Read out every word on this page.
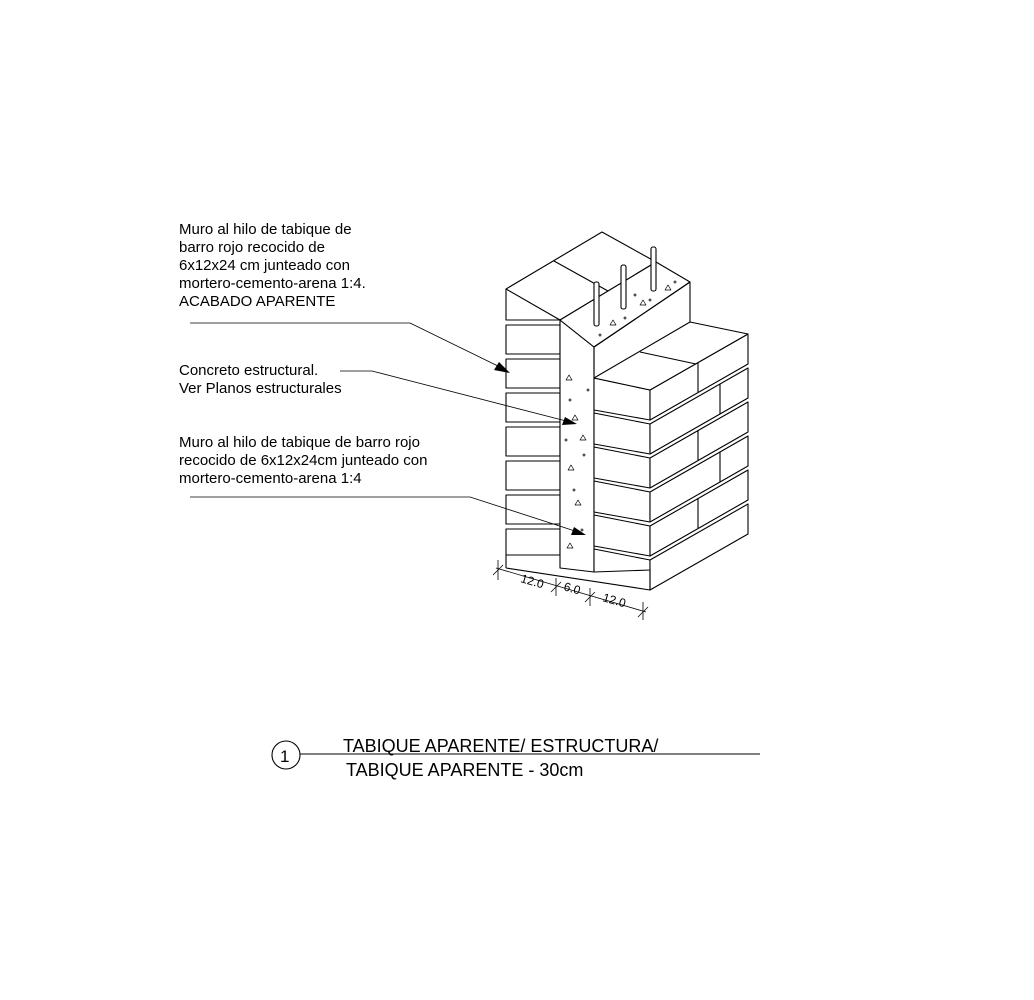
12.0 6.0
12.0
1
Muro al hilo de tabique de
barro rojo recocido de
6x12x24 cm junteado con
mortero-cemento-arena 1:4.
ACABADO APARENTE
Concreto estructural.
Ver Planos estructurales
Muro al hilo de tabique de barro rojo
recocido de 6x12x24cm junteado con
mortero-cemento-arena 1:4
TABIQUE APARENTE/ ESTRUCTURA/
TABIQUE APARENTE - 30cm
